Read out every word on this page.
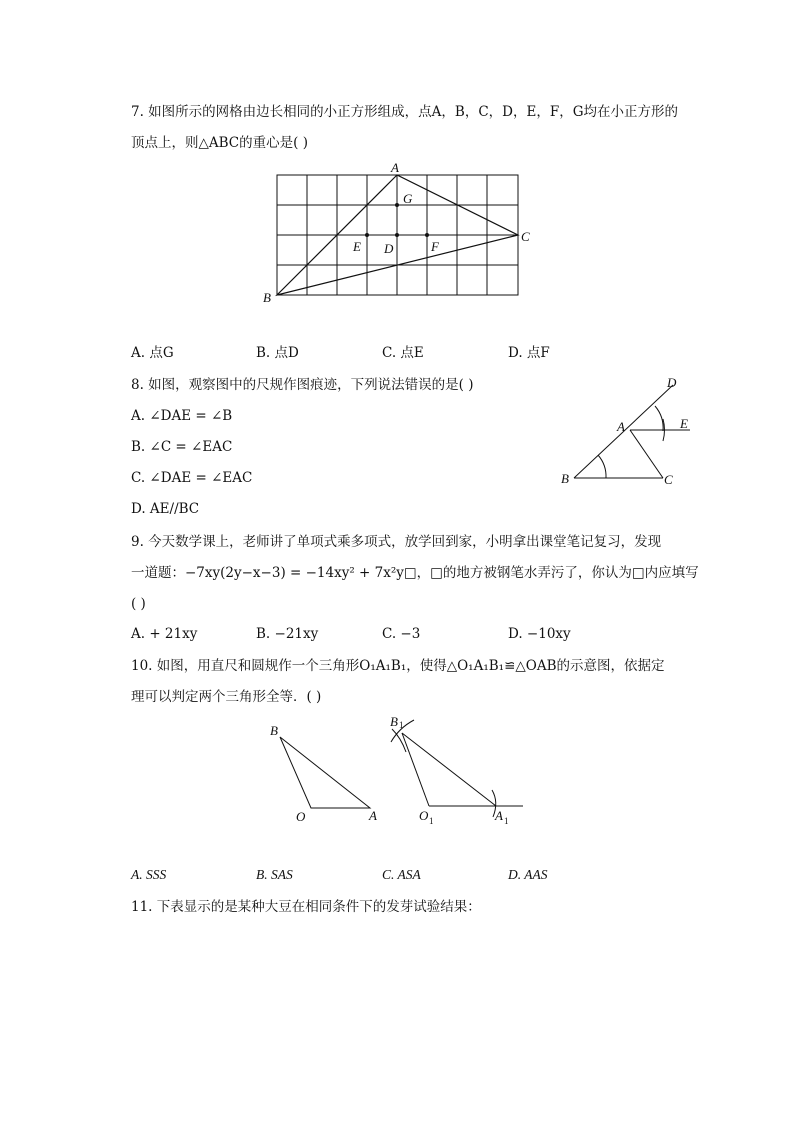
7. 如图所示的网格由边长相同的小正方形组成，点A，B，C，D，E，F，G均在小正方形的
顶点上，则△ABC的重心是( )
A
B
C
D
E	F
G
A. 点G	B. 点D	C. 点E	D. 点F
8. 如图，观察图中的尺规作图痕迹，下列说法错误的是( )
A. ∠DAE = ∠B
B. ∠C = ∠EAC
C. ∠DAE = ∠EAC
D. AE//BC
D
A	E
B	C
9. 今天数学课上，老师讲了单项式乘多项式，放学回到家，小明拿出课堂笔记复习，发现
一道题：−7xy(2y−x−3) = −14xy² + 7x²y□，□的地方被钢笔水弄污了，你认为□内应填写
( )
A. + 21xy	B. −21xy	C. −3	D. −10xy
10. 如图，用直尺和圆规作一个三角形O₁A₁B₁，使得△O₁A₁B₁≌△OAB的示意图，依据定
理可以判定两个三角形全等．( )
B
O	A
B 1
O 1	A 1
A. SSS	B. SAS	C. ASA	D. AAS
11. 下表显示的是某种大豆在相同条件下的发芽试验结果：
